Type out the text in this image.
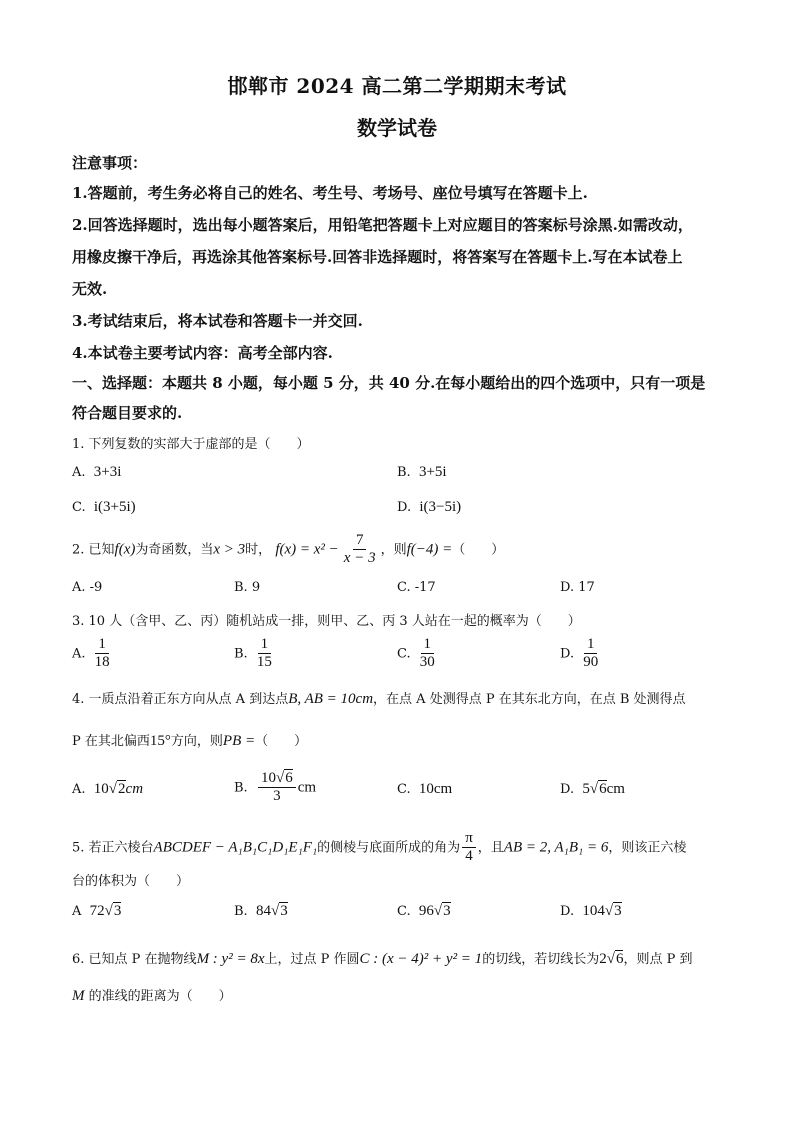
邯郸市 2024 高二第二学期期末考试
数学试卷
注意事项：
1.答题前，考生务必将自己的姓名、考生号、考场号、座位号填写在答题卡上.
2.回答选择题时，选出每小题答案后，用铅笔把答题卡上对应题目的答案标号涂黑.如需改动，
用橡皮擦干净后，再选涂其他答案标号.回答非选择题时，将答案写在答题卡上.写在本试卷上
无效.
3.考试结束后，将本试卷和答题卡一并交回.
4.本试卷主要考试内容：高考全部内容.
一、选择题：本题共 8 小题，每小题 5 分，共 40 分.在每小题给出的四个选项中，只有一项是
符合题目要求的.
1. 下列复数的实部大于虚部的是（　　）
A. 3+3i	B. 3+5i
C. i(3+5i)	D. i(3−5i)
2. 已知f(x)为奇函数，当x > 3时， $f(x) = x^2 - \frac{7}{x - 3}$ ，则f(−4) =（　　）
A. -9	B. 9	C. -17	D. 17
3. 10 人（含甲、乙、丙）随机站成一排，则甲、乙、丙 3 人站在一起的概率为（　　）
A. $\frac{1}{18}$	B. $\frac{1}{15}$	C. $\frac{1}{30}$	D. $\frac{1}{90}$
4. 一质点沿着正东方向从点 A 到达点B, AB = 10cm，在点 A 处测得点 P 在其东北方向，在点 B 处测得点
P 在其北偏西15°方向，则PB =（　　）
A. 10√2cm	B. $\frac{10√6}{3}$ cm	C. 10cm	D. 5√6cm
5. 若正六棱台ABCDEF − A₁B₁C₁D₁E₁F₁的侧棱与底面所成的角为 $\frac{\pi}{4}$ ，且AB = 2, A₁B₁ = 6，则该正六棱
台的体积为（　　）
A 72√3	B. 84√3	C. 96√3	D. 104√3
6. 已知点 P 在抛物线M : y² = 8x上，过点 P 作圆C : (x − 4)² + y² = 1的切线，若切线长为2√6，则点 P 到
M 的准线的距离为（　　）
